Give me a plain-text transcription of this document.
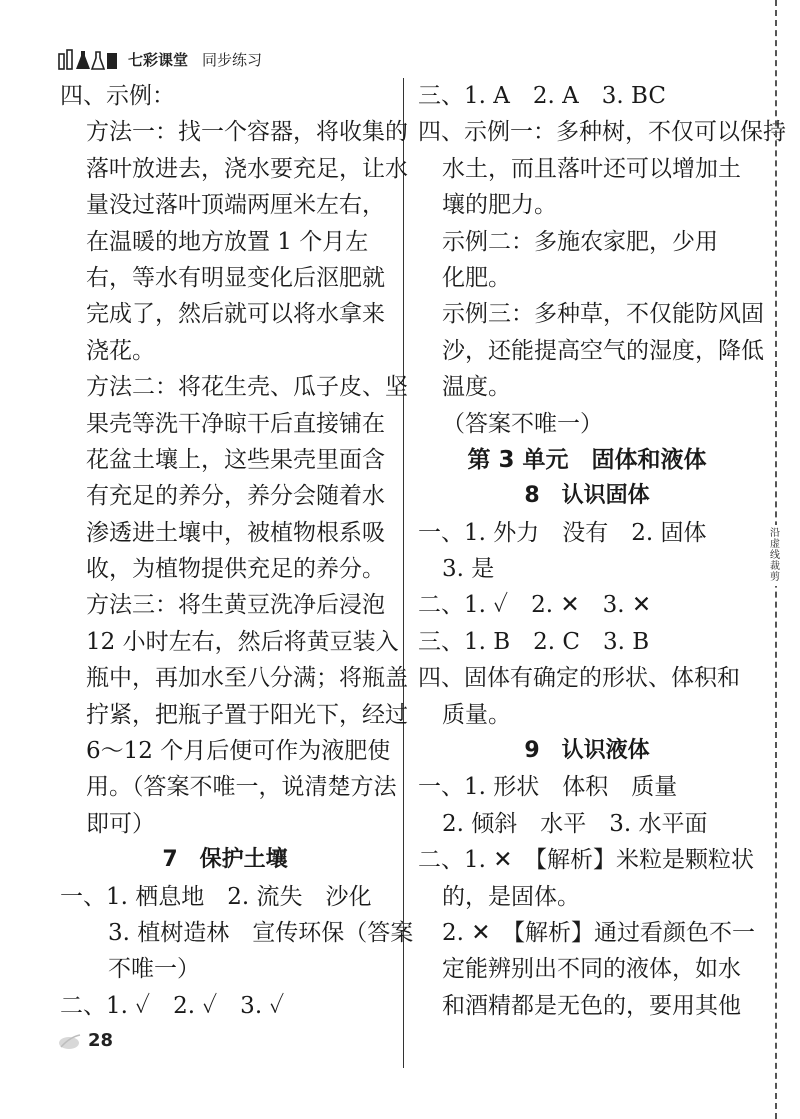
七彩课堂 同步练习
四、示例：
方法一：找一个容器，将收集的
落叶放进去，浇水要充足，让水
量没过落叶顶端两厘米左右，
在温暖的地方放置 1 个月左
右，等水有明显变化后沤肥就
完成了，然后就可以将水拿来
浇花。
方法二：将花生壳、瓜子皮、坚
果壳等洗干净晾干后直接铺在
花盆土壤上，这些果壳里面含
有充足的养分，养分会随着水
渗透进土壤中，被植物根系吸
收，为植物提供充足的养分。
方法三：将生黄豆洗净后浸泡
12 小时左右，然后将黄豆装入
瓶中，再加水至八分满；将瓶盖
拧紧，把瓶子置于阳光下，经过
6～12 个月后便可作为液肥使
用。（答案不唯一，说清楚方法
即可）
7　保护土壤
一、1. 栖息地　2. 流失　沙化
3. 植树造林　宣传环保（答案
不唯一）
二、1. ✓　2. ✓　3. ✓
三、1. A　2. A　3. BC
四、示例一：多种树，不仅可以保持
水土，而且落叶还可以增加土
壤的肥力。
示例二：多施农家肥，少用
化肥。
示例三：多种草，不仅能防风固
沙，还能提高空气的湿度，降低
温度。
（答案不唯一）
第 3 单元　固体和液体
8　认识固体
一、1. 外力　没有　2. 固体
3. 是
二、1. ✓　2. ✕　3. ✕
三、1. B　2. C　3. B
四、固体有确定的形状、体积和
质量。
9　认识液体
一、1. 形状　体积　质量
2. 倾斜　水平　3. 水平面
二、1. ✕　【解析】米粒是颗粒状
的，是固体。
2. ✕　【解析】通过看颜色不一
定能辨别出不同的液体，如水
和酒精都是无色的，要用其他
沿
虚
线
裁
剪
28
